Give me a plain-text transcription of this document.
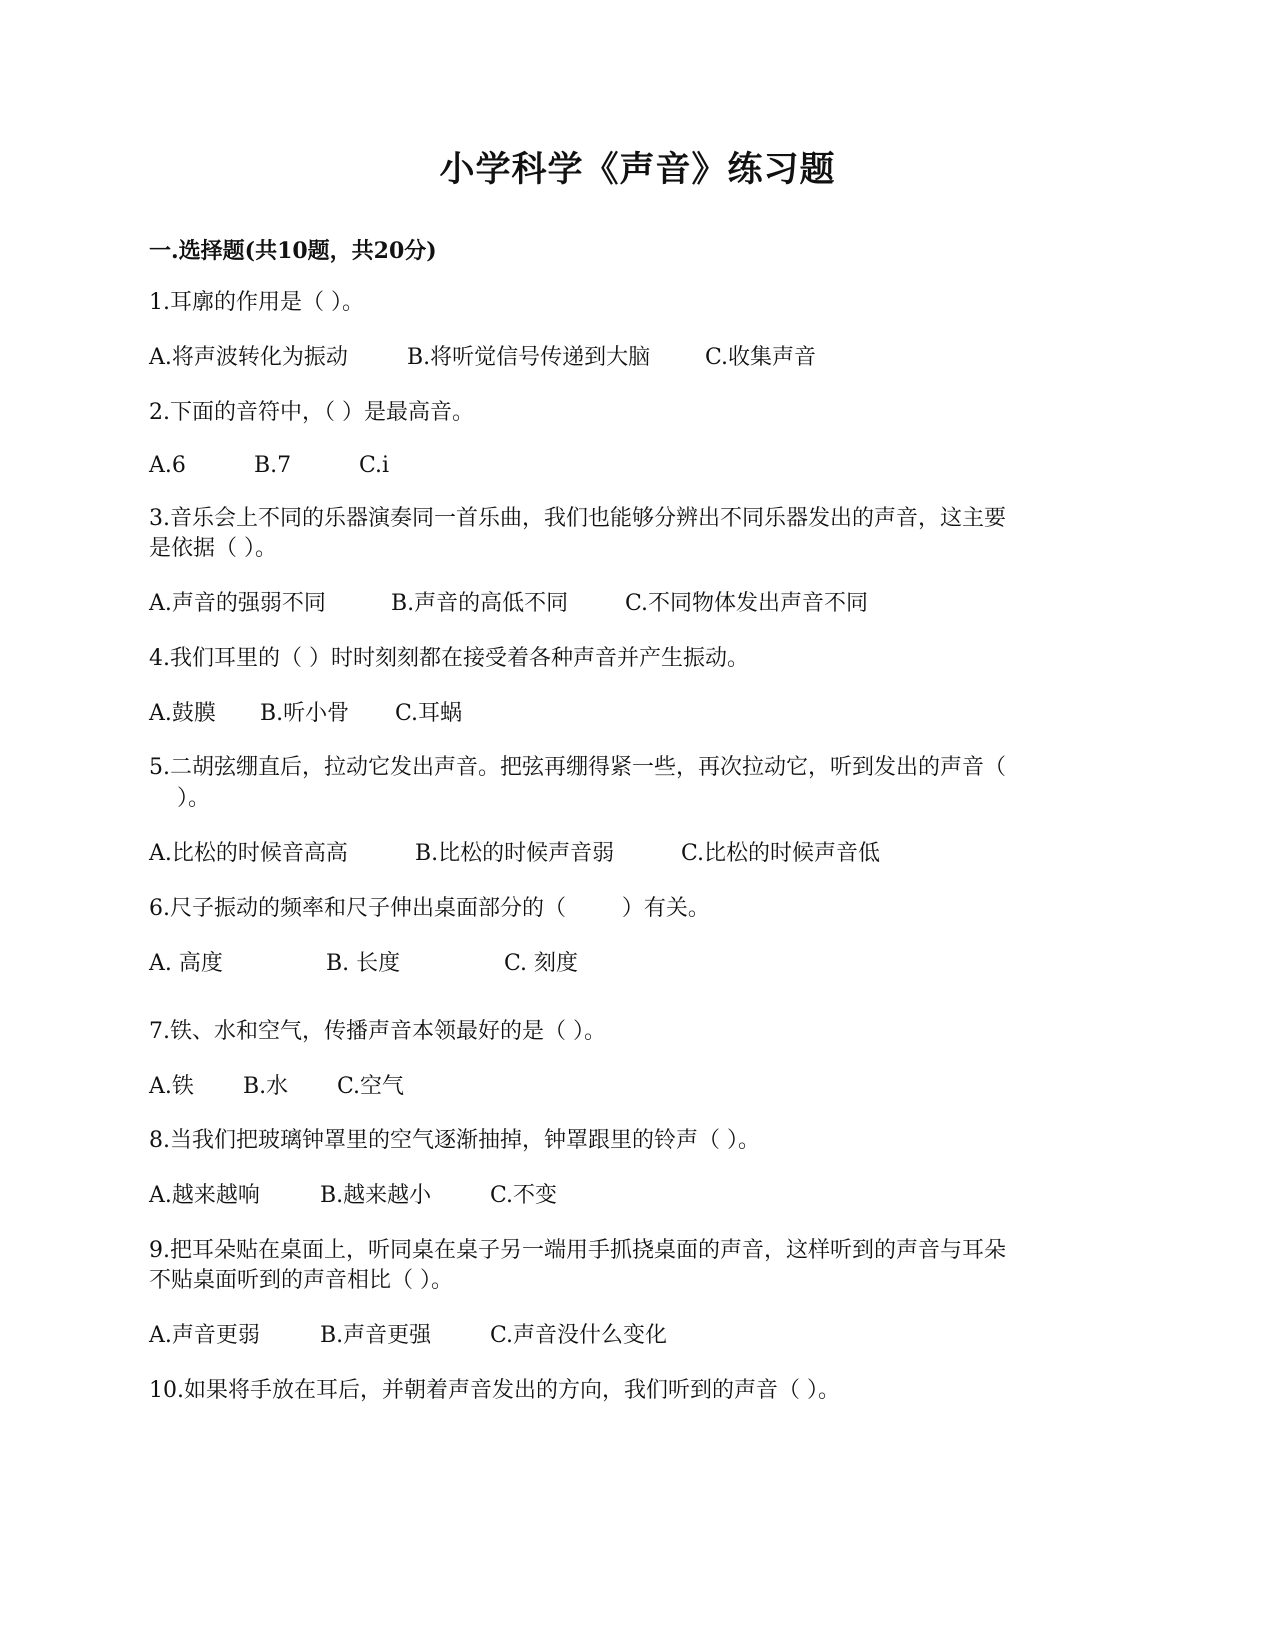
小学科学《声音》练习题
一.选择题(共10题，共20分)
1.耳廓的作用是（ ）。
A.将声波转化为振动	B.将听觉信号传递到大脑 C.收集声音
2.下面的音符中，（ ）是最高音。
A.6	B.7	C.i
3.音乐会上不同的乐器演奏同一首乐曲，我们也能够分辨出不同乐器发出的声音，这主要
是依据（ ）。
A.声音的强弱不同	B.声音的高低不同	C.不同物体发出声音不同
4.我们耳里的（ ）时时刻刻都在接受着各种声音并产生振动。
A.鼓膜 B.听小骨 C.耳蜗
5.二胡弦绷直后，拉动它发出声音。把弦再绷得紧一些，再次拉动它，听到发出的声音（
）。
A.比松的时候音高高	B.比松的时候声音弱	C.比松的时候声音低
6.尺子振动的频率和尺子伸出桌面部分的（        ）有关。
A. 高度	B. 长度	C. 刻度
7.铁、水和空气，传播声音本领最好的是（ ）。
A.铁 B.水 C.空气
8.当我们把玻璃钟罩里的空气逐渐抽掉，钟罩跟里的铃声（ ）。
A.越来越响	B.越来越小	C.不变
9.把耳朵贴在桌面上，听同桌在桌子另一端用手抓挠桌面的声音，这样听到的声音与耳朵
不贴桌面听到的声音相比（ ）。
A.声音更弱	B.声音更强	C.声音没什么变化
10.如果将手放在耳后，并朝着声音发出的方向，我们听到的声音（ ）。
